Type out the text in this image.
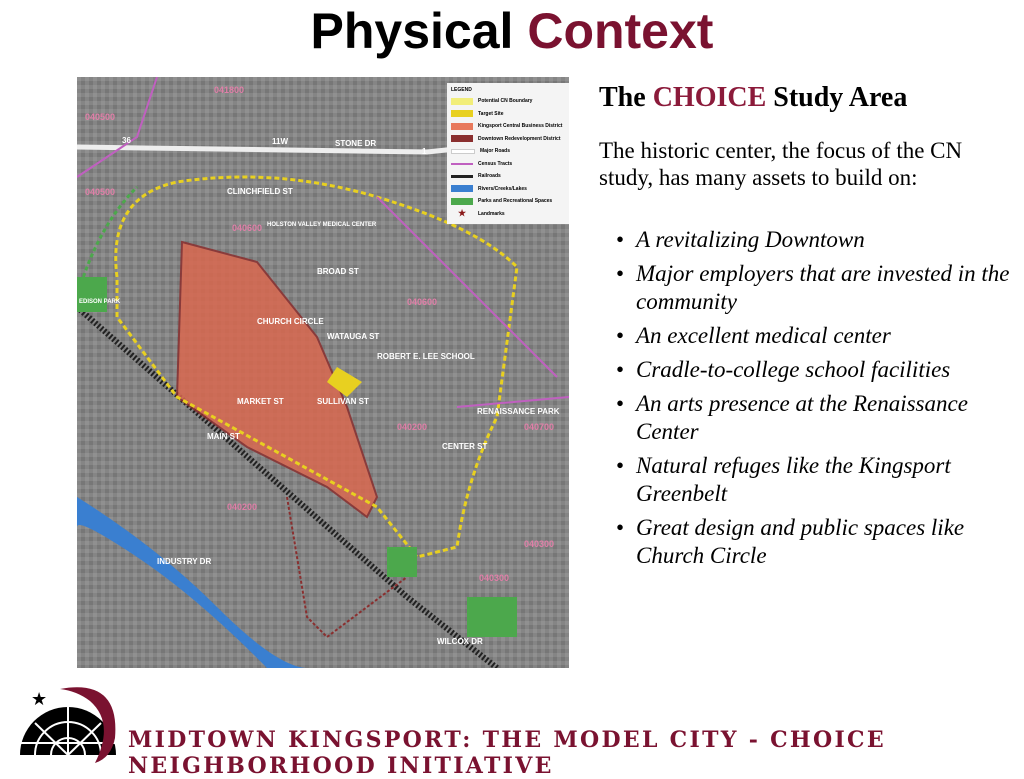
Physical Context
041800
040500
040500
040600
040600
040200	040700
040200
040300
040300
STONE DR
11W
36
1
CLINCHFIELD ST
BROAD ST
WATAUGA ST
MARKET ST
MAIN ST
SULLIVAN ST
CENTER ST
INDUSTRY DR
WILCOX DR
CHURCH CIRCLE
ROBERT E. LEE SCHOOL
RENAISSANCE PARK
HOLSTON VALLEY MEDICAL CENTER
EDISON PARK
LEGEND
Potential CN Boundary
Target Site
Kingsport Central Business District
Downtown Redevelopment District
Major Roads
Census Tracts
Railroads
Rivers/Creeks/Lakes
Parks and Recreational Spaces
★	Landmarks
The CHOICE Study Area
The historic center, the focus of the CN study, has many assets to build on:
• A revitalizing Downtown
• Major employers that are invested in the community
• An excellent medical center
• Cradle-to-college school facilities
• An arts presence at the Renaissance Center
• Natural refuges like the Kingsport Greenbelt
• Great design and public spaces like Church Circle
★
MIDTOWN KINGSPORT: THE MODEL CITY - CHOICE NEIGHBORHOOD INITIATIVE
